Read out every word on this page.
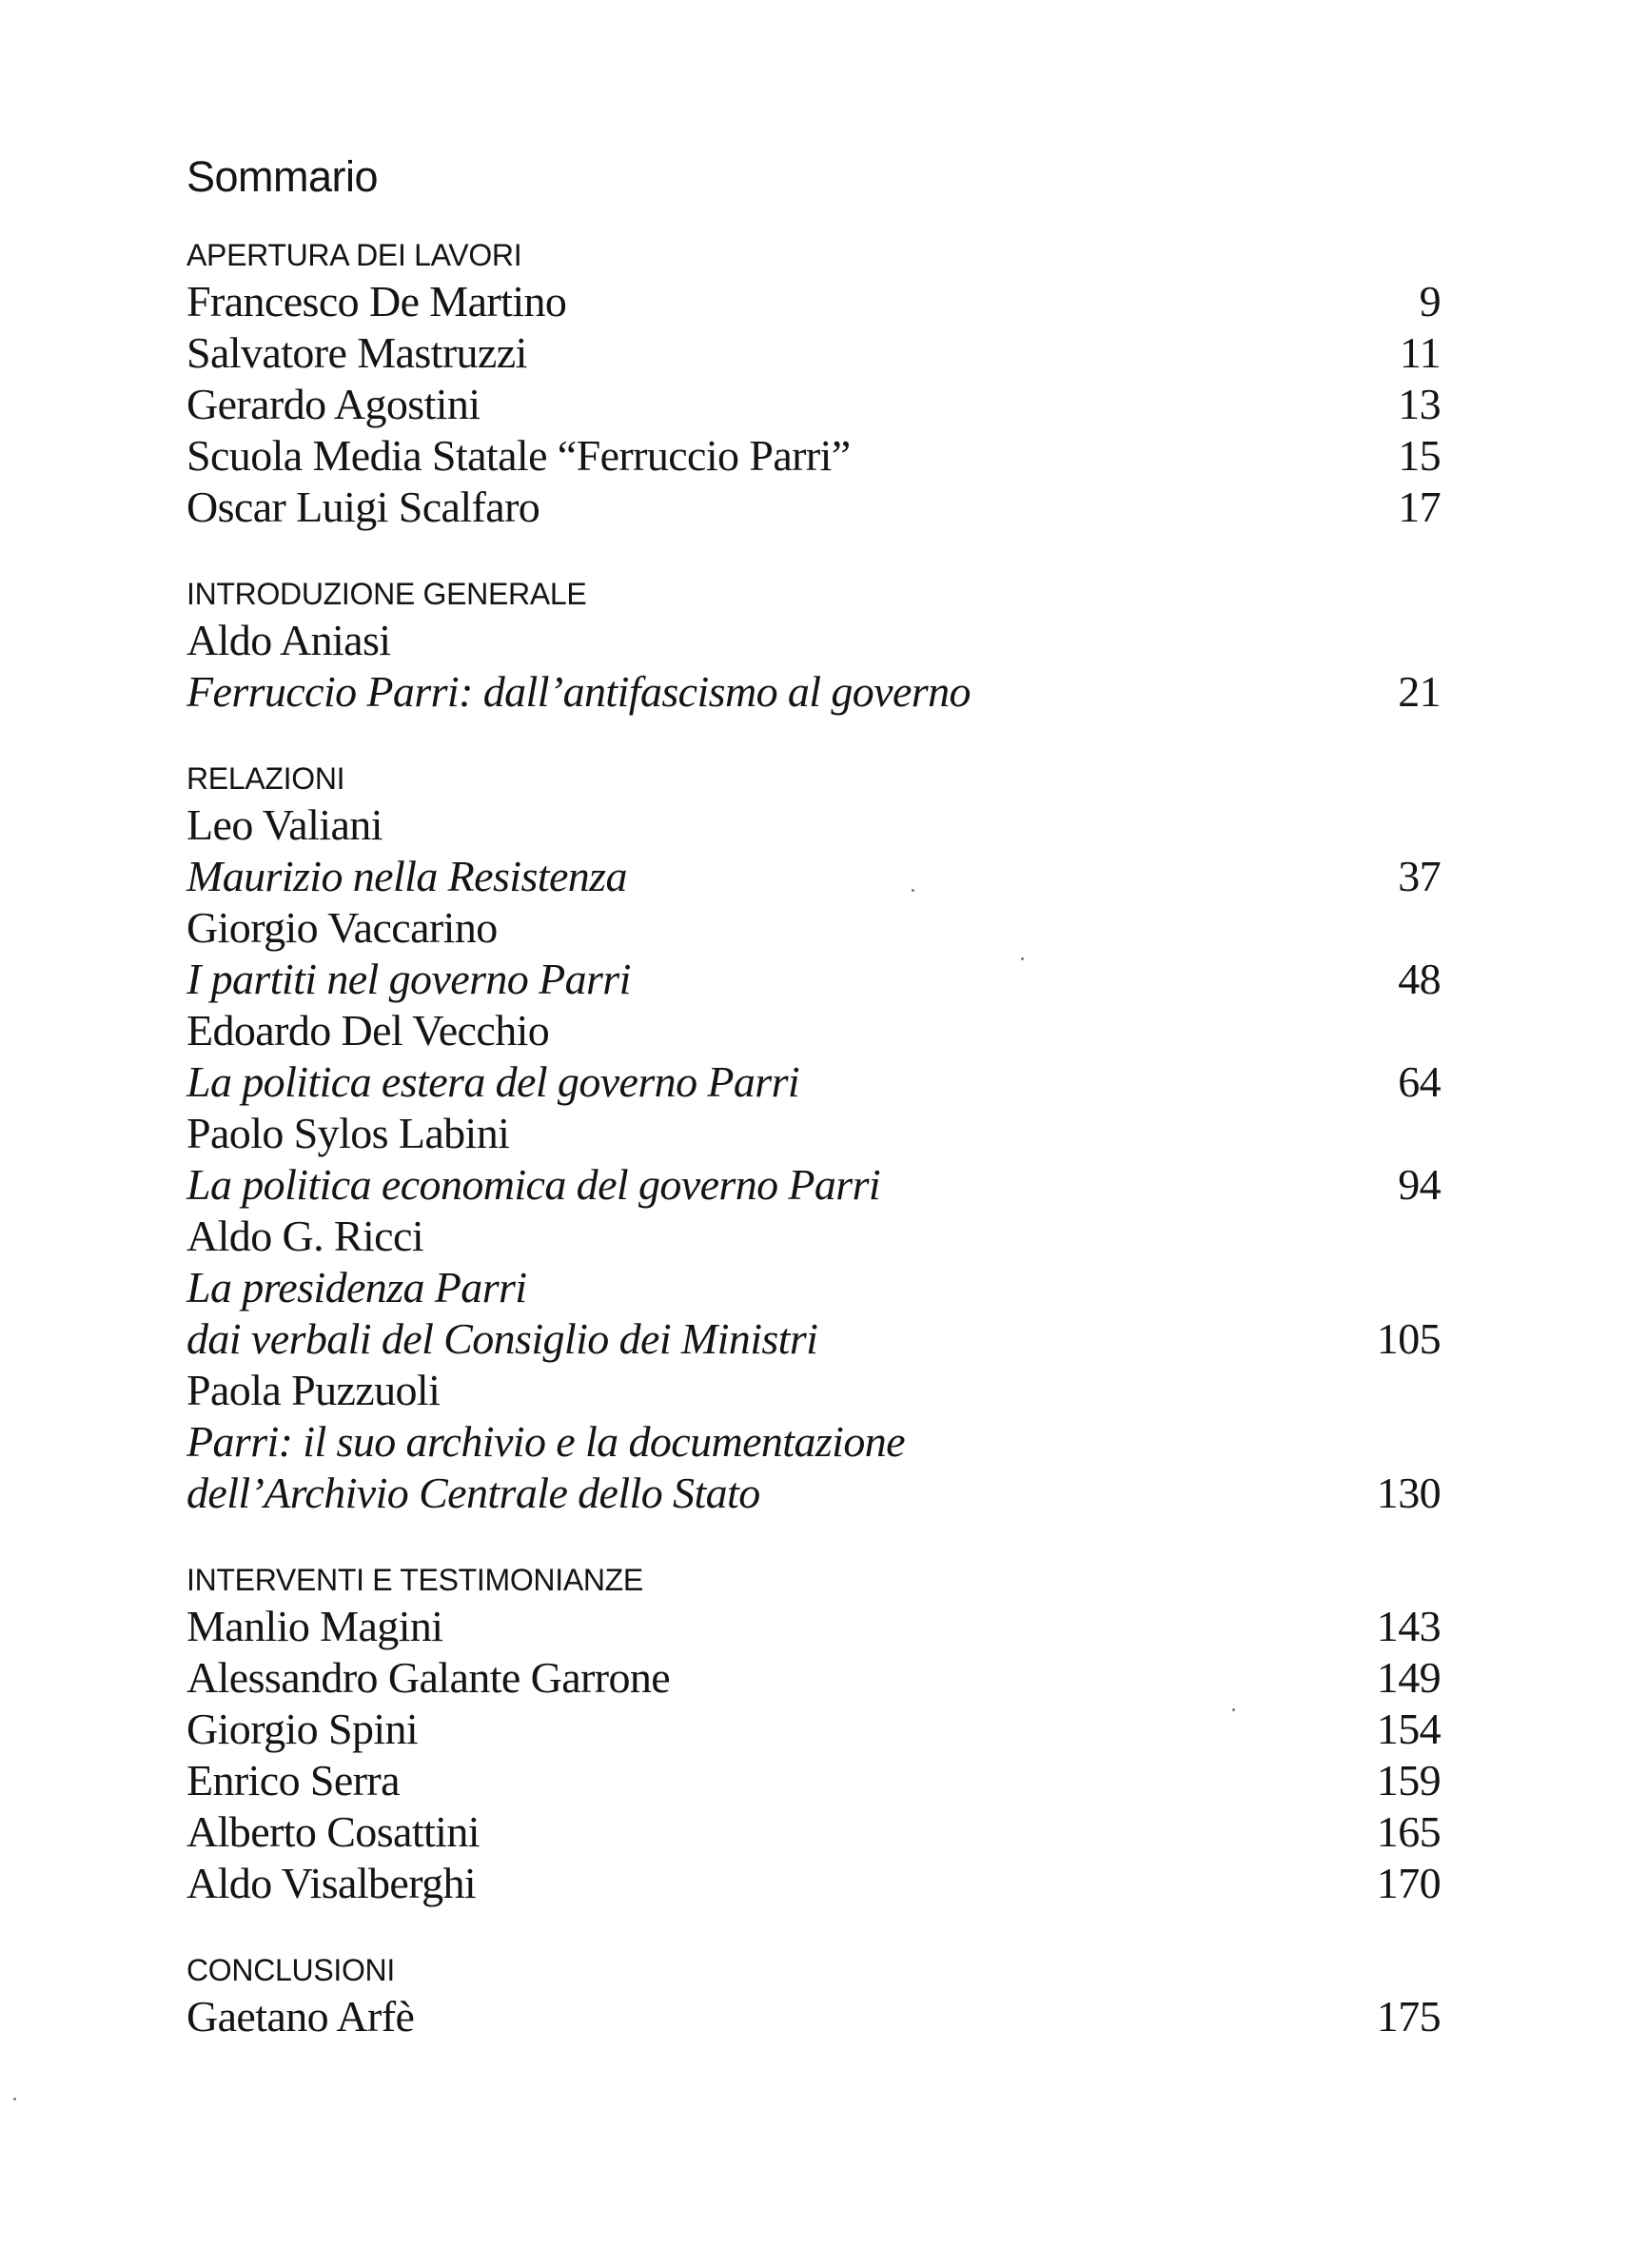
Sommario
APERTURA DEI LAVORI
Francesco De Martino	9
Salvatore Mastruzzi	11
Gerardo Agostini	13
Scuola Media Statale “Ferruccio Parri”	15
Oscar Luigi Scalfaro	17
INTRODUZIONE GENERALE
Aldo Aniasi
Ferruccio Parri: dall’antifascismo al governo	21
RELAZIONI
Leo Valiani
Maurizio nella Resistenza	37
Giorgio Vaccarino
I partiti nel governo Parri	48
Edoardo Del Vecchio
La politica estera del governo Parri	64
Paolo Sylos Labini
La politica economica del governo Parri	94
Aldo G. Ricci
La presidenza Parri
dai verbali del Consiglio dei Ministri	105
Paola Puzzuoli
Parri: il suo archivio e la documentazione
dell’Archivio Centrale dello Stato	130
INTERVENTI E TESTIMONIANZE
Manlio Magini	143
Alessandro Galante Garrone	149
Giorgio Spini	154
Enrico Serra	159
Alberto Cosattini	165
Aldo Visalberghi	170
CONCLUSIONI
Gaetano Arfè	175
